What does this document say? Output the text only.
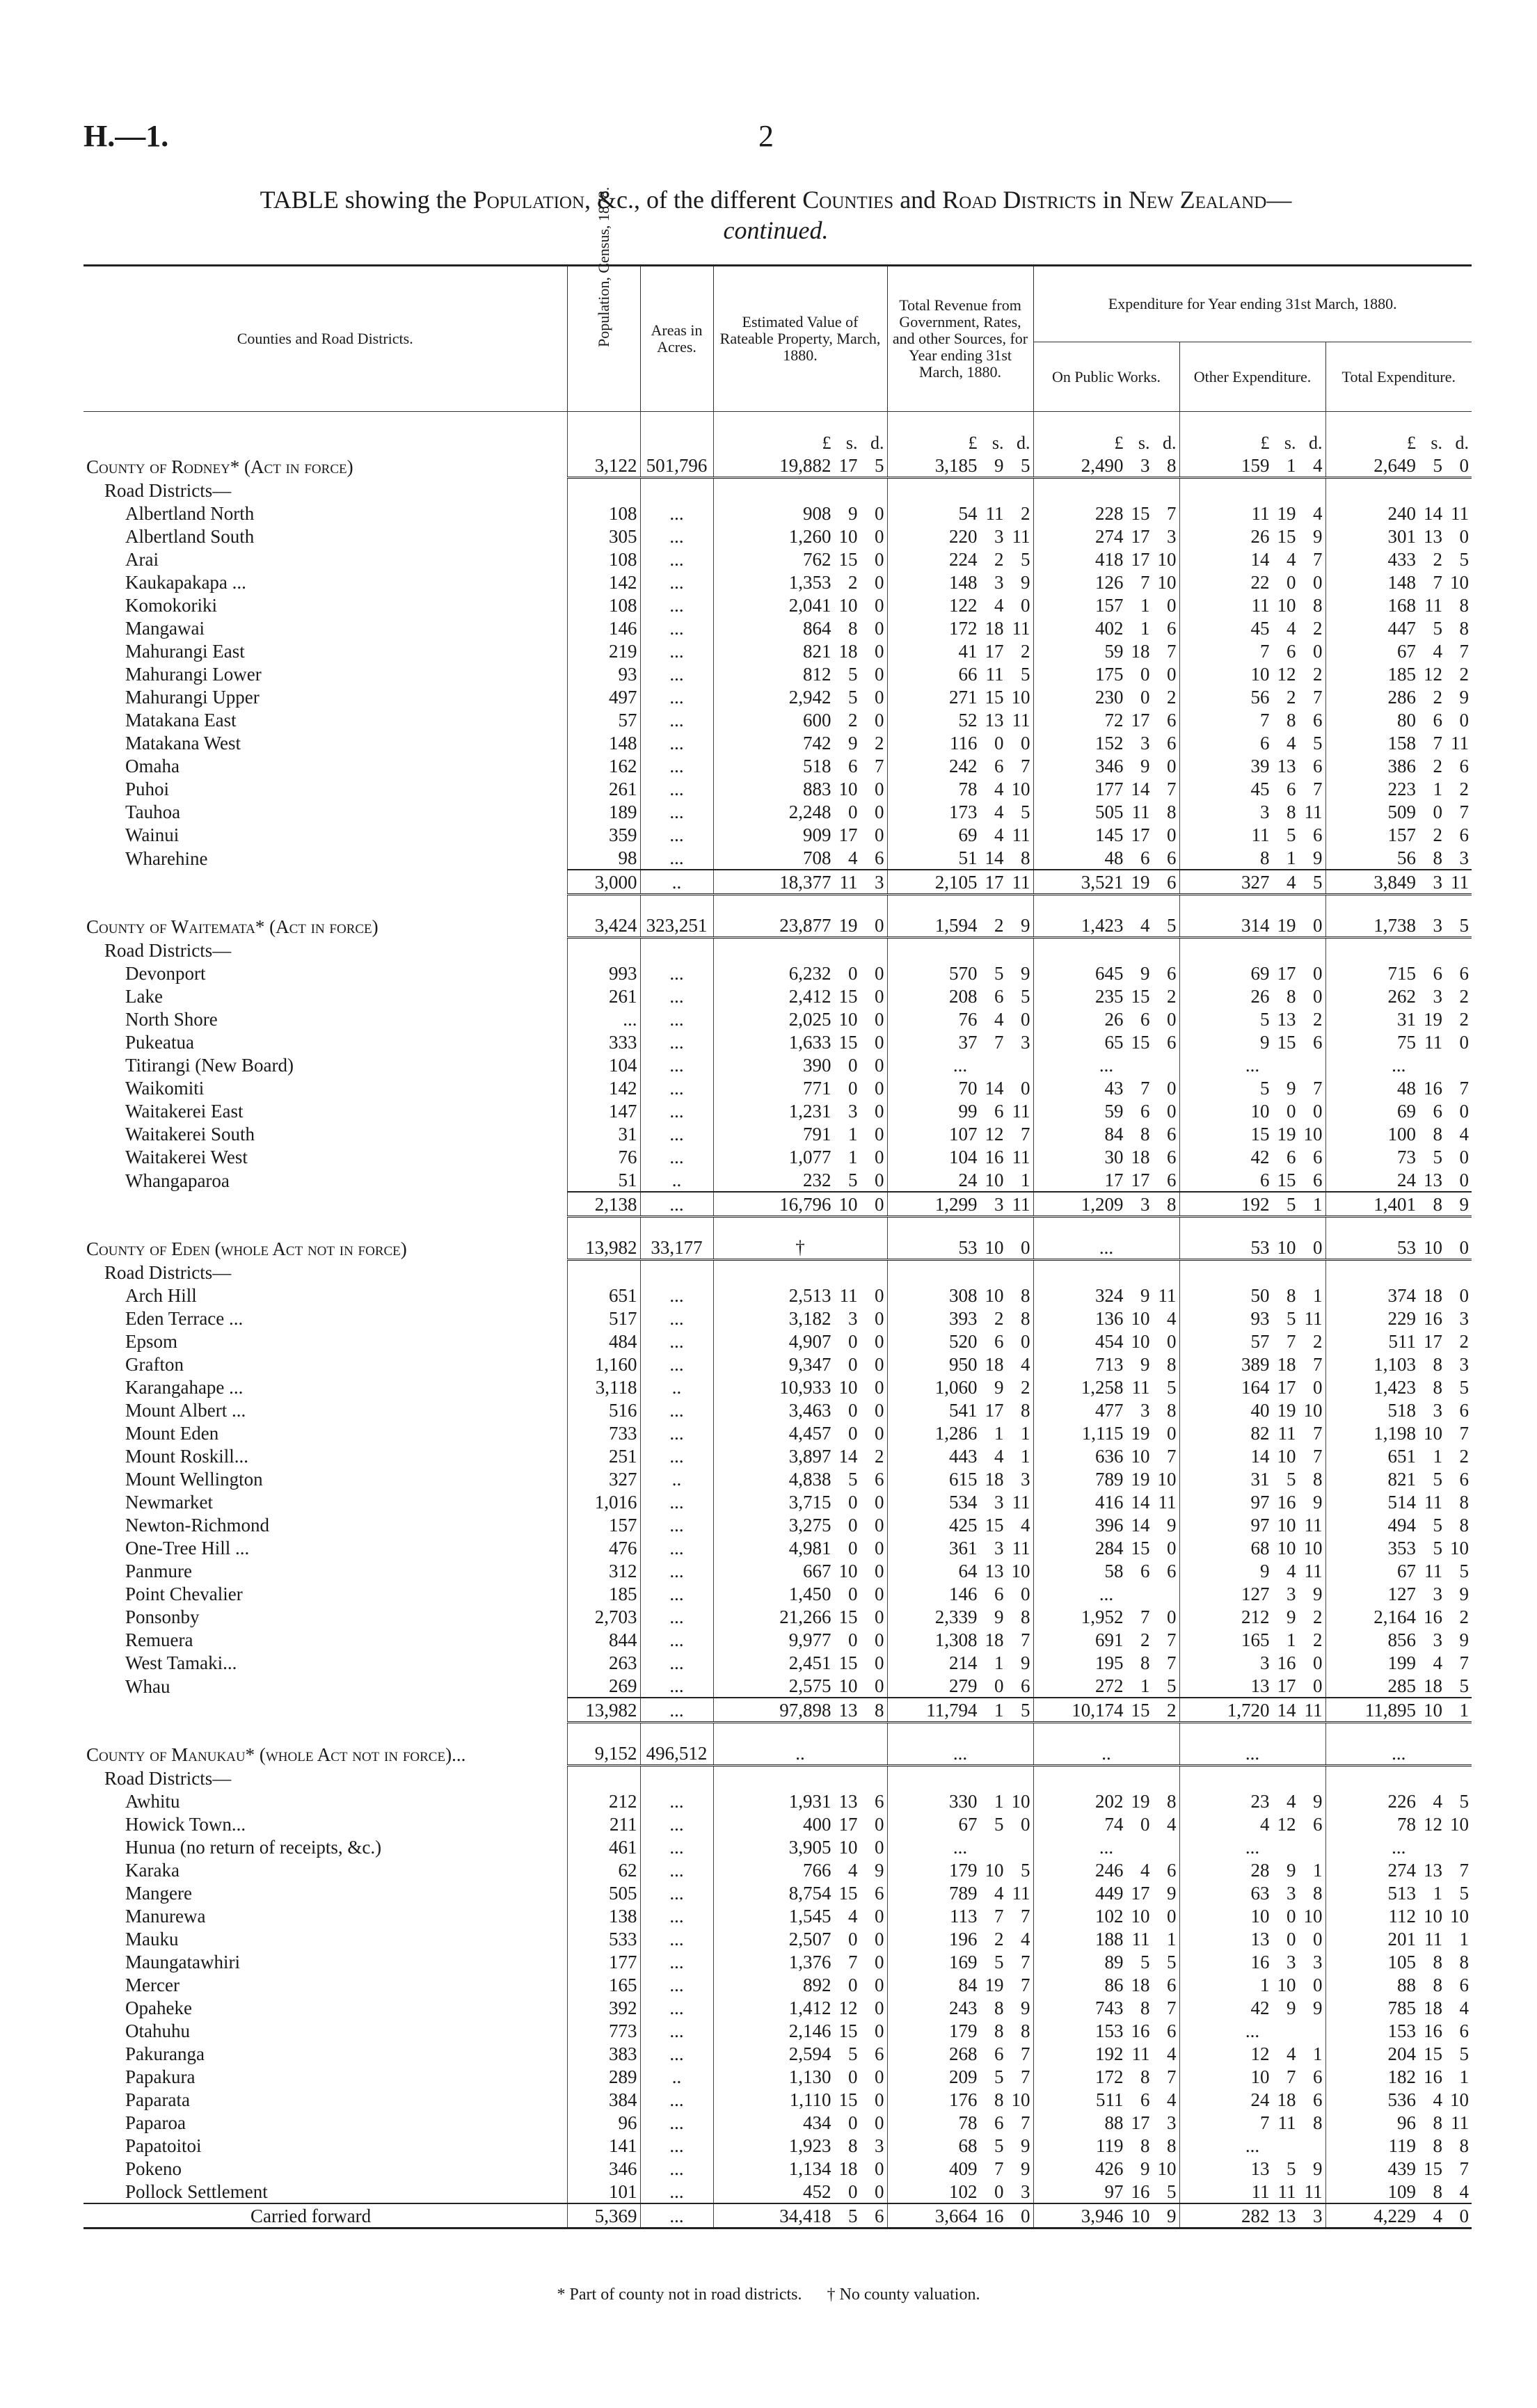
H.—1.	2
TABLE showing the Population, &c., of the different Counties and Road Districts in New Zealand—
continued.
Counties and Road Districts.	Population, Census, 1878.	Areas in Acres.	Estimated Value of Rateable Property, March, 1880.	Total Revenue from Government, Rates, and other Sources, for Year ending 31st March, 1880.	Expenditure for Year ending 31st March, 1880.		
					On Public Works.	Other Expenditure.	Total Expenditure.

			£ s. d.	£ s. d.	£ s. d.	£ s. d.	£ s. d.

County of Rodney* (Act in force)	3,122	501,796	19,882 17 5	3,185 9 5	2,490 3 8	159 1 4	2,649 5 0

Road Districts—							
Albertland North	108	...	908 9 0	54 11 2	228 15 7	11 19 4	240 14 11

Albertland South	305	...	1,260 10 0	220 3 11	274 17 3	26 15 9	301 13 0

Arai	108	...	762 15 0	224 2 5	418 17 10	14 4 7	433 2 5

Kaukapakapa ...	142	...	1,353 2 0	148 3 9	126 7 10	22 0 0	148 7 10

Komokoriki	108	...	2,041 10 0	122 4 0	157 1 0	11 10 8	168 11 8

Mangawai	146	...	864 8 0	172 18 11	402 1 6	45 4 2	447 5 8

Mahurangi East	219	...	821 18 0	41 17 2	59 18 7	7 6 0	67 4 7

Mahurangi Lower	93	...	812 5 0	66 11 5	175 0 0	10 12 2	185 12 2

Mahurangi Upper	497	...	2,942 5 0	271 15 10	230 0 2	56 2 7	286 2 9

Matakana East	57	...	600 2 0	52 13 11	72 17 6	7 8 6	80 6 0

Matakana West	148	...	742 9 2	116 0 0	152 3 6	6 4 5	158 7 11

Omaha	162	...	518 6 7	242 6 7	346 9 0	39 13 6	386 2 6

Puhoi	261	...	883 10 0	78 4 10	177 14 7	45 6 7	223 1 2

Tauhoa	189	...	2,248 0 0	173 4 5	505 11 8	3 8 11	509 0 7

Wainui	359	...	909 17 0	69 4 11	145 17 0	11 5 6	157 2 6

Wharehine	98	...	708 4 6	51 14 8	48 6 6	8 1 9	56 8 3

	3,000	..	18,377 11 3	2,105 17 11	3,521 19 6	327 4 5	3,849 3 11

County of Waitemata* (Act in force)	3,424	323,251	23,877 19 0	1,594 2 9	1,423 4 5	314 19 0	1,738 3 5

Road Districts—							
Devonport	993	...	6,232 0 0	570 5 9	645 9 6	69 17 0	715 6 6

Lake	261	...	2,412 15 0	208 6 5	235 15 2	26 8 0	262 3 2

North Shore	...	...	2,025 10 0	76 4 0	26 6 0	5 13 2	31 19 2

Pukeatua	333	...	1,633 15 0	37 7 3	65 15 6	9 15 6	75 11 0

Titirangi (New Board)	104	...	390 0 0	...	...	...	...

Waikomiti	142	...	771 0 0	70 14 0	43 7 0	5 9 7	48 16 7

Waitakerei East	147	...	1,231 3 0	99 6 11	59 6 0	10 0 0	69 6 0

Waitakerei South	31	...	791 1 0	107 12 7	84 8 6	15 19 10	100 8 4

Waitakerei West	76	...	1,077 1 0	104 16 11	30 18 6	42 6 6	73 5 0

Whangaparoa	51	..	232 5 0	24 10 1	17 17 6	6 15 6	24 13 0

	2,138	...	16,796 10 0	1,299 3 11	1,209 3 8	192 5 1	1,401 8 9

County of Eden (whole Act not in force)	13,982	33,177	†	53 10 0	...	53 10 0	53 10 0

Road Districts—							
Arch Hill	651	...	2,513 11 0	308 10 8	324 9 11	50 8 1	374 18 0

Eden Terrace ...	517	...	3,182 3 0	393 2 8	136 10 4	93 5 11	229 16 3

Epsom	484	...	4,907 0 0	520 6 0	454 10 0	57 7 2	511 17 2

Grafton	1,160	...	9,347 0 0	950 18 4	713 9 8	389 18 7	1,103 8 3

Karangahape ...	3,118	..	10,933 10 0	1,060 9 2	1,258 11 5	164 17 0	1,423 8 5

Mount Albert ...	516	...	3,463 0 0	541 17 8	477 3 8	40 19 10	518 3 6

Mount Eden	733	...	4,457 0 0	1,286 1 1	1,115 19 0	82 11 7	1,198 10 7

Mount Roskill...	251	...	3,897 14 2	443 4 1	636 10 7	14 10 7	651 1 2

Mount Wellington	327	..	4,838 5 6	615 18 3	789 19 10	31 5 8	821 5 6

Newmarket	1,016	...	3,715 0 0	534 3 11	416 14 11	97 16 9	514 11 8

Newton-Richmond	157	...	3,275 0 0	425 15 4	396 14 9	97 10 11	494 5 8

One-Tree Hill ...	476	...	4,981 0 0	361 3 11	284 15 0	68 10 10	353 5 10

Panmure	312	...	667 10 0	64 13 10	58 6 6	9 4 11	67 11 5

Point Chevalier	185	...	1,450 0 0	146 6 0	...	127 3 9	127 3 9

Ponsonby	2,703	...	21,266 15 0	2,339 9 8	1,952 7 0	212 9 2	2,164 16 2

Remuera	844	...	9,977 0 0	1,308 18 7	691 2 7	165 1 2	856 3 9

West Tamaki...	263	...	2,451 15 0	214 1 9	195 8 7	3 16 0	199 4 7

Whau	269	...	2,575 10 0	279 0 6	272 1 5	13 17 0	285 18 5

	13,982	...	97,898 13 8	11,794 1 5	10,174 15 2	1,720 14 11	11,895 10 1

County of Manukau* (whole Act not in force)...	9,152	496,512	..	...	..	...	...

Road Districts—							
Awhitu	212	...	1,931 13 6	330 1 10	202 19 8	23 4 9	226 4 5

Howick Town...	211	...	400 17 0	67 5 0	74 0 4	4 12 6	78 12 10

Hunua (no return of receipts, &c.)	461	...	3,905 10 0	...	...	...	...

Karaka	62	...	766 4 9	179 10 5	246 4 6	28 9 1	274 13 7

Mangere	505	...	8,754 15 6	789 4 11	449 17 9	63 3 8	513 1 5

Manurewa	138	...	1,545 4 0	113 7 7	102 10 0	10 0 10	112 10 10

Mauku	533	...	2,507 0 0	196 2 4	188 11 1	13 0 0	201 11 1

Maungatawhiri	177	...	1,376 7 0	169 5 7	89 5 5	16 3 3	105 8 8

Mercer	165	...	892 0 0	84 19 7	86 18 6	1 10 0	88 8 6

Opaheke	392	...	1,412 12 0	243 8 9	743 8 7	42 9 9	785 18 4

Otahuhu	773	...	2,146 15 0	179 8 8	153 16 6	...	153 16 6

Pakuranga	383	...	2,594 5 6	268 6 7	192 11 4	12 4 1	204 15 5

Papakura	289	..	1,130 0 0	209 5 7	172 8 7	10 7 6	182 16 1

Paparata	384	...	1,110 15 0	176 8 10	511 6 4	24 18 6	536 4 10

Paparoa	96	...	434 0 0	78 6 7	88 17 3	7 11 8	96 8 11

Papatoitoi	141	...	1,923 8 3	68 5 9	119 8 8	...	119 8 8

Pokeno	346	...	1,134 18 0	409 7 9	426 9 10	13 5 9	439 15 7

Pollock Settlement	101	...	452 0 0	102 0 3	97 16 5	11 11 11	109 8 4

Carried forward	5,369	...	34,418 5 6	3,664 16 0	3,946 10 9	282 13 3	4,229 4 0
* Part of county not in road districts. † No county valuation.
